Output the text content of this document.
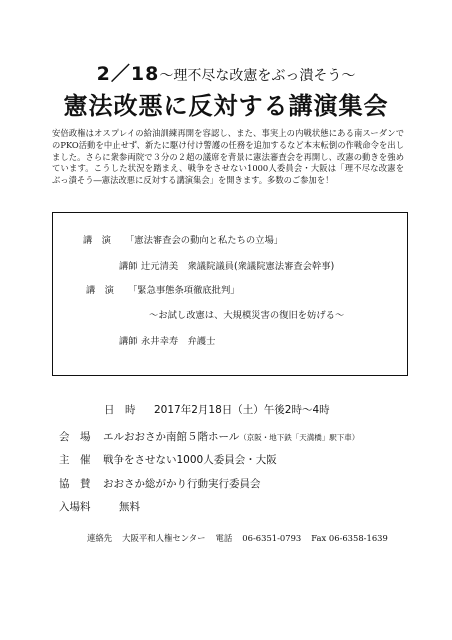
2／18〜理不尽な改憲をぶっ潰そう〜
憲法改悪に反対する講演集会

安倍政権はオスプレイの給油訓練再開を容認し、また、事実上の内戦状態にある南スーダンでのPKO活動を中止せず、新たに駆け付け警護の任務を追加するなど本末転倒の作戦命令を出しました。さらに衆参両院で３分の２超の議席を背景に憲法審査会を再開し、改憲の動きを強めています。こうした状況を踏まえ、戦争をさせない1000人委員会・大阪は「理不尽な改憲をぶっ潰そう―憲法改悪に反対する講演集会」を開きます。多数のご参加を！

講　演 「憲法審査会の動向と私たちの立場」
講師 辻元清美　衆議院議員(衆議院憲法審査会幹事)
講　演 「緊急事態条項徹底批判」
〜お試し改憲は、大規模災害の復旧を妨げる〜
講師 永井幸寿　弁護士
日　時 2017年2月18日（土）午後2時〜4時
会　場 エルおおさか南館５階ホール（京阪・地下鉄「天満橋」駅下車）
主　催 戦争をさせない1000人委員会・大阪
協　賛 おおさか総がかり行動実行委員会
入場料	無料
連絡先 大阪平和人権センター 電話 06-6351-0793 Fax 06-6358-1639
